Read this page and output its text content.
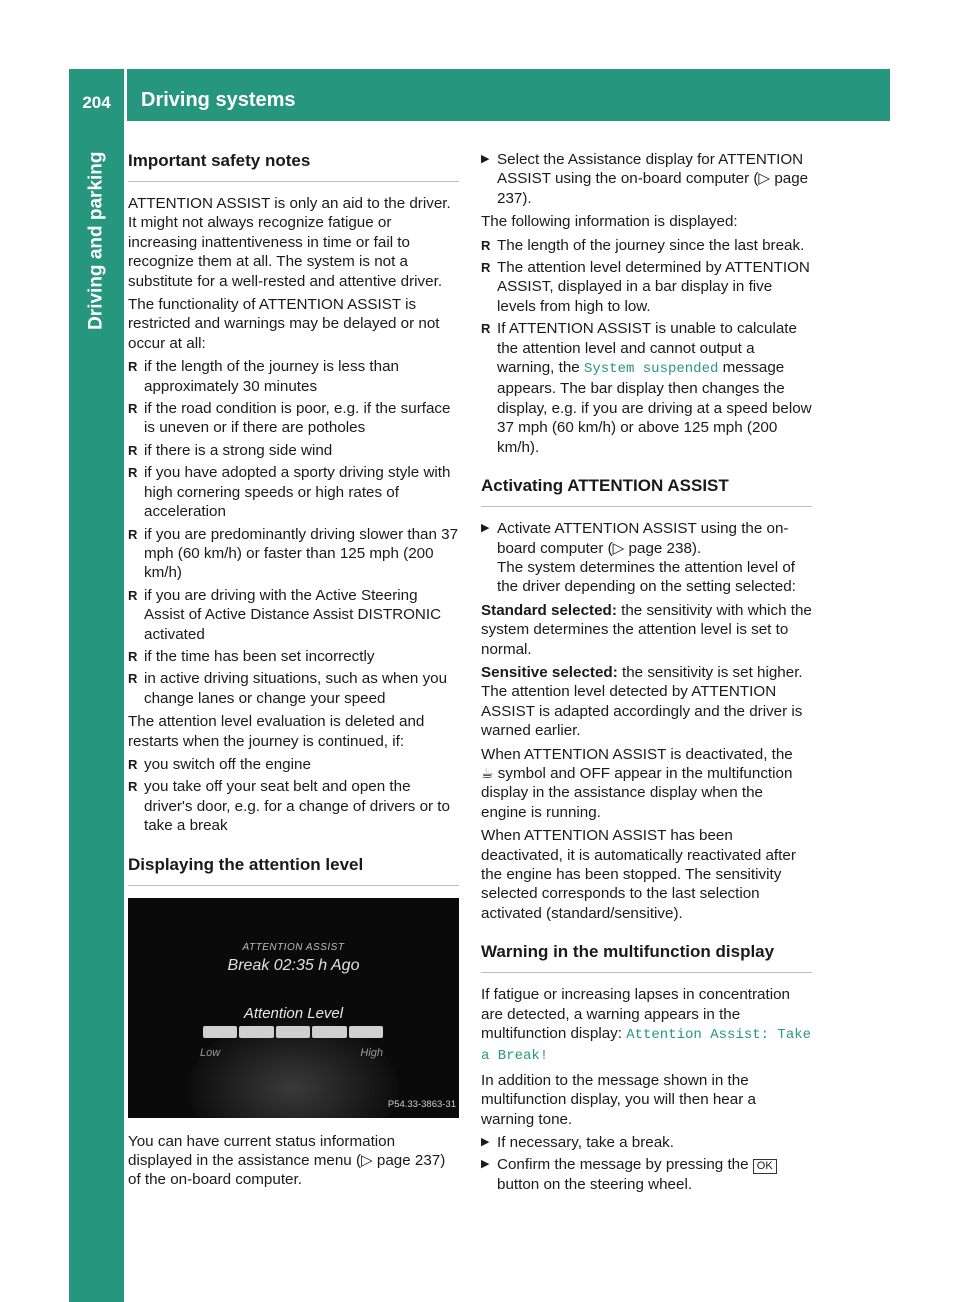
204	Driving systems
Driving and parking Important safety notes

ATTENTION ASSIST is only an aid to the driver. It might not always recognize fatigue or increasing inattentiveness in time or fail to recognize them at all. The system is not a substitute for a well-rested and attentive driver.

The functionality of ATTENTION ASSIST is restricted and warnings may be delayed or not occur at all:

R if the length of the journey is less than approximately 30 minutes
R if the road condition is poor, e.g. if the surface is uneven or if there are potholes
R if there is a strong side wind
R if you have adopted a sporty driving style with high cornering speeds or high rates of acceleration
R if you are predominantly driving slower than 37 mph (60 km/h) or faster than 125 mph (200 km/h)
R if you are driving with the Active Steering Assist of Active Distance Assist DISTRONIC activated
R if the time has been set incorrectly
R in active driving situations, such as when you change lanes or change your speed

The attention level evaluation is deleted and restarts when the journey is continued, if:

R you switch off the engine
R you take off your seat belt and open the driver's door, e.g. for a change of drivers or to take a break
Displaying the attention level
ATTENTION ASSIST
Break 02:35 h Ago
Attention Level
Low	High
P54.33-3863-31

You can have current status information displayed in the assistance menu (▷ page 237) of the on-board computer.

▶ Select the Assistance display for ATTENTION ASSIST using the on-board computer (▷ page 237).

The following information is displayed:

R The length of the journey since the last break.
R The attention level determined by ATTENTION ASSIST, displayed in a bar display in five levels from high to low.
R If ATTENTION ASSIST is unable to calculate the attention level and cannot output a warning, the System suspended message appears. The bar display then changes the display, e.g. if you are driving at a speed below 37 mph (60 km/h) or above 125 mph (200 km/h).
Activating ATTENTION ASSIST
▶ Activate ATTENTION ASSIST using the on-board computer (▷ page 238).
The system determines the attention level of the driver depending on the setting selected:

Standard selected: the sensitivity with which the system determines the attention level is set to normal.

Sensitive selected: the sensitivity is set higher. The attention level detected by ATTENTION ASSIST is adapted accordingly and the driver is warned earlier.

When ATTENTION ASSIST is deactivated, the
☕ symbol and OFF appear in the multifunction display in the assistance display when the engine is running.

When ATTENTION ASSIST has been deactivated, it is automatically reactivated after the engine has been stopped. The sensitivity selected corresponds to the last selection activated (standard/sensitive).

Warning in the multifunction display

If fatigue or increasing lapses in concentration are detected, a warning appears in the multifunction display: Attention Assist: Take a Break!

In addition to the message shown in the multifunction display, you will then hear a warning tone.

▶ If necessary, take a break.
▶ Confirm the message by pressing the OK button on the steering wheel.
